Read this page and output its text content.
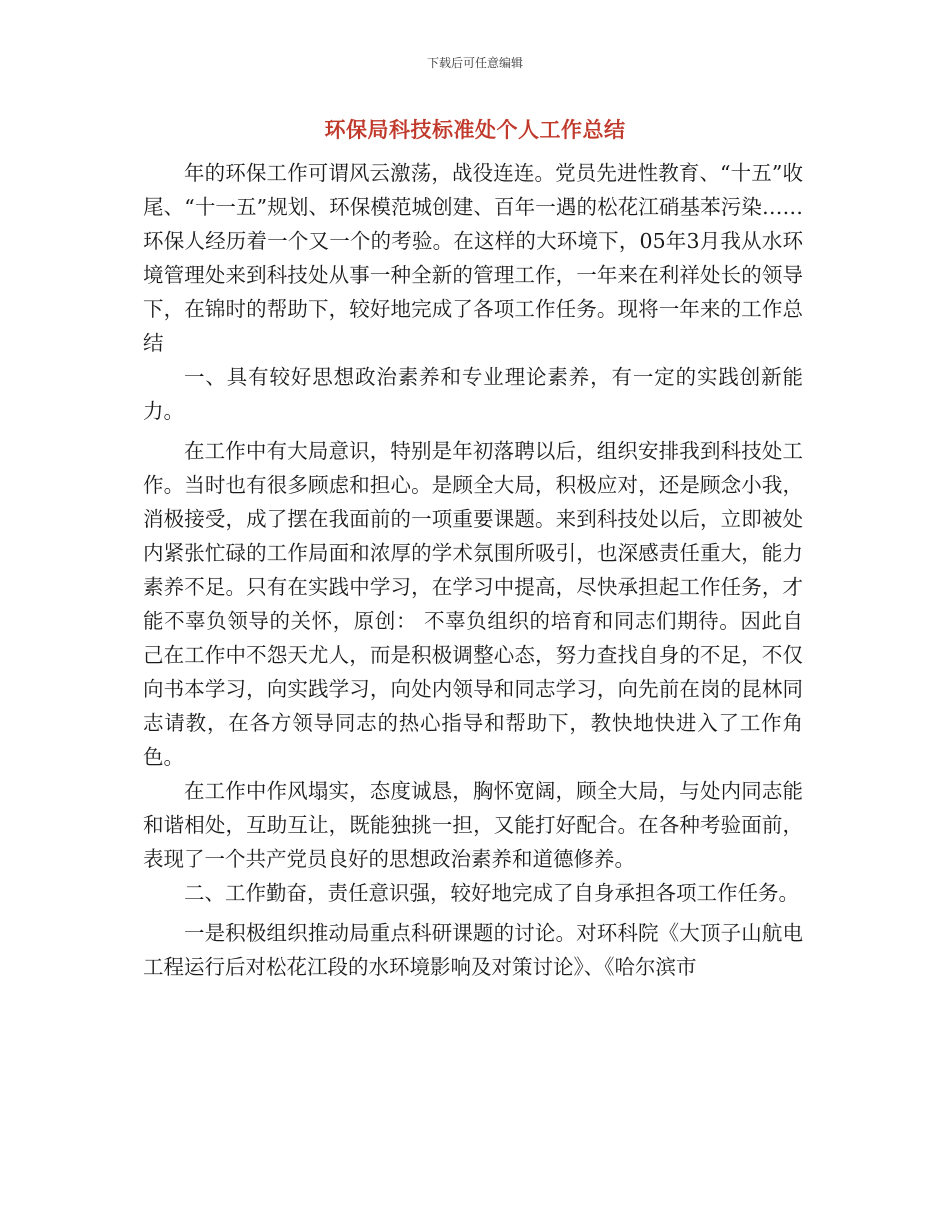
下载后可任意编辑
环保局科技标准处个人工作总结

年的环保工作可谓风云激荡，战役连连。党员先进性教育、“十五”收尾、“十一五”规划、环保模范城创建、百年一遇的松花江硝基苯污染……环保人经历着一个又一个的考验。在这样的大环境下，05年3月我从水环境管理处来到科技处从事一种全新的管理工作，一年来在利祥处长的领导下，在锦时的帮助下，较好地完成了各项工作任务。现将一年来的工作总结

一、具有较好思想政治素养和专业理论素养，有一定的实践创新能力。

在工作中有大局意识，特别是年初落聘以后，组织安排我到科技处工作。当时也有很多顾虑和担心。是顾全大局，积极应对，还是顾念小我，消极接受，成了摆在我面前的一项重要课题。来到科技处以后，立即被处内紧张忙碌的工作局面和浓厚的学术氛围所吸引，也深感责任重大，能力素养不足。只有在实践中学习，在学习中提高，尽快承担起工作任务，才能不辜负领导的关怀，原创： 不辜负组织的培育和同志们期待。因此自己在工作中不怨天尤人，而是积极调整心态，努力查找自身的不足，不仅向书本学习，向实践学习，向处内领导和同志学习，向先前在岗的昆林同志请教，在各方领导同志的热心指导和帮助下，教快地快进入了工作角色。

在工作中作风塌实，态度诚恳，胸怀宽阔，顾全大局，与处内同志能和谐相处，互助互让，既能独挑一担，又能打好配合。在各种考验面前，表现了一个共产党员良好的思想政治素养和道德修养。

二、工作勤奋，责任意识强，较好地完成了自身承担各项工作任务。

一是积极组织推动局重点科研课题的讨论。对环科院《大顶子山航电工程运行后对松花江段的水环境影响及对策讨论》、《哈尔滨市
